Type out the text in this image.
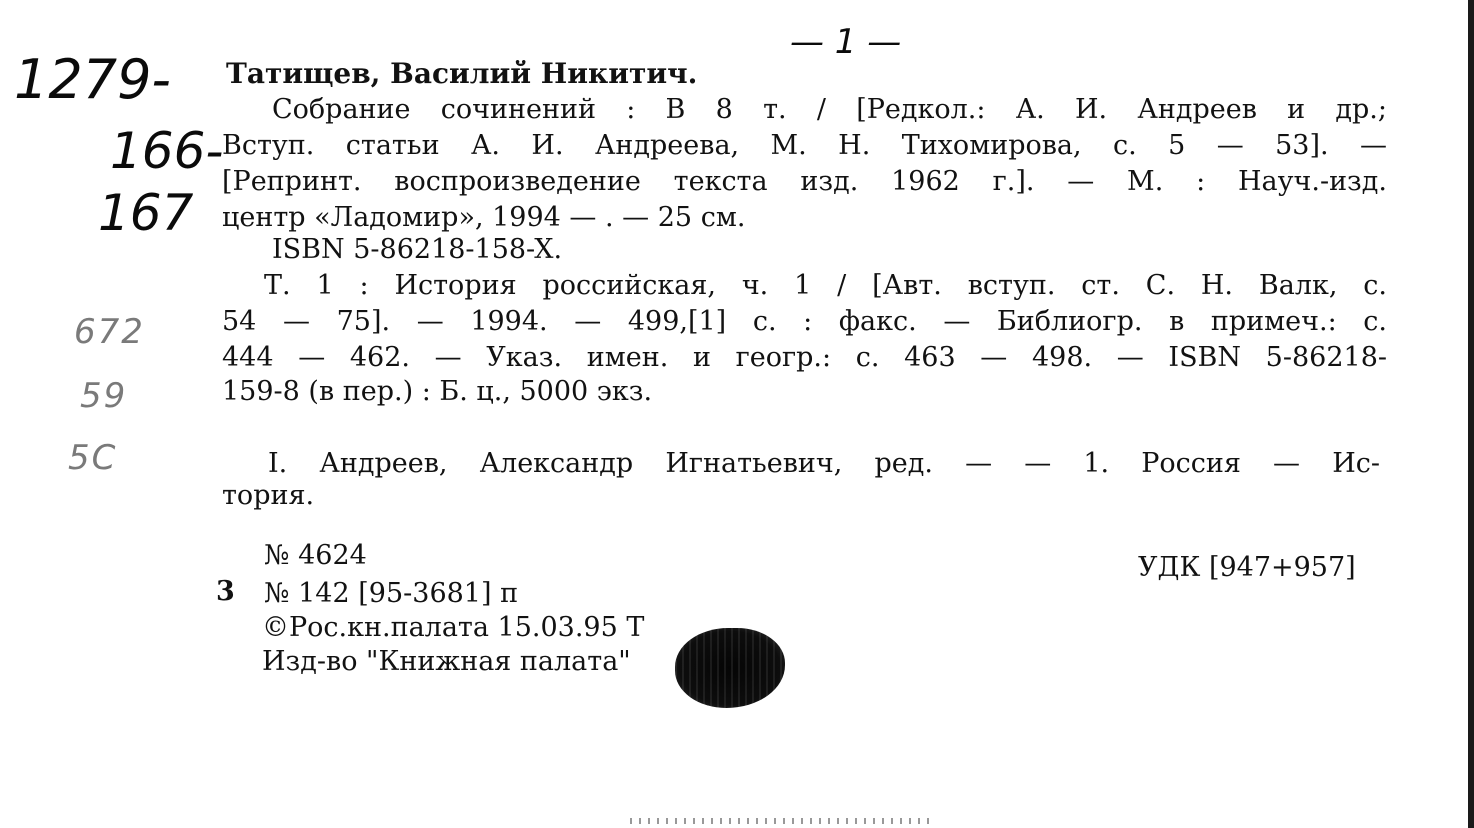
— 1 —
1279-
166-
167
672
59
5C
Татищев, Василий Никитич.
Собрание сочинений : В 8 т. / [Редкол.: А. И. Андреев и др.;
Вступ. статьи А. И. Андреева, М. Н. Тихомирова, с. 5 — 53]. —
[Репринт. воспроизведение текста изд. 1962 г.]. — М. : Науч.-изд.
центр «Ладомир», 1994 — . — 25 см.
ISBN 5-86218-158-X.
Т. 1 : История российская, ч. 1 / [Авт. вступ. ст. С. Н. Валк, с.
54 — 75]. — 1994. — 499,[1] с. : факс. — Библиогр. в примеч.: с.
444 — 462. — Указ. имен. и геогр.: с. 463 — 498. — ISBN 5-86218-
159-8 (в пер.) : Б. ц., 5000 экз.
I. Андреев, Александр Игнатьевич, ред. — — 1. Россия — Ис-
тория.
№ 4624	УДК [947+957]
3 № 142 [95-3681] п
©Рос.кн.палата 15.03.95 Т
Изд-во "Книжная палата"
